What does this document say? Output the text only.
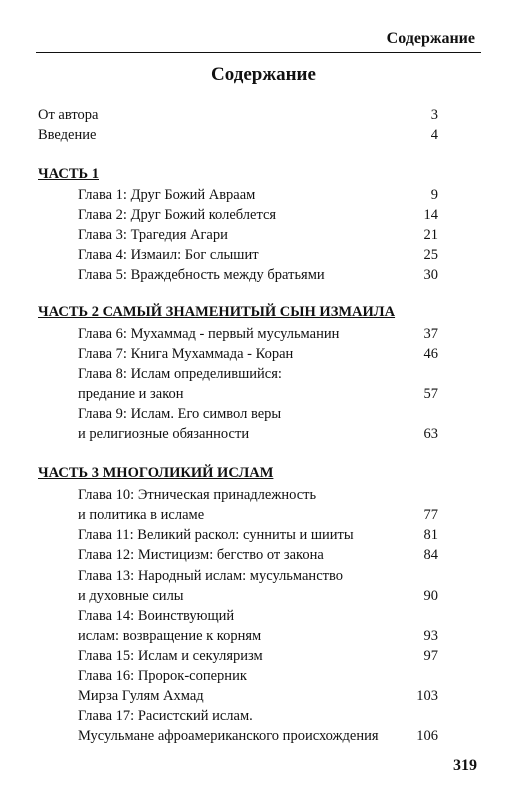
Содержание
Содержание
От автора	3
Введение	4
ЧАСТЬ 1
Глава 1: Друг Божий Авраам	9
Глава 2: Друг Божий колеблется	14
Глава 3: Трагедия Агари	21
Глава 4: Измаил: Бог слышит	25
Глава 5: Враждебность между братьями	30
ЧАСТЬ 2 САМЫЙ ЗНАМЕНИТЫЙ СЫН ИЗМАИЛА
Глава 6: Мухаммад - первый мусульманин	37
Глава 7: Книга Мухаммада - Коран	46
Глава 8: Ислам определившийся:
предание и закон	57
Глава 9: Ислам. Его символ веры
и религиозные обязанности	63
ЧАСТЬ 3 МНОГОЛИКИЙ ИСЛАМ
Глава 10: Этническая принадлежность
и политика в исламе	77
Глава 11: Великий раскол: сунниты и шииты	81
Глава 12: Мистицизм: бегство от закона	84
Глава 13: Народный ислам: мусульманство
и духовные силы	90
Глава 14: Воинствующий
ислам: возвращение к корням	93
Глава 15: Ислам и секуляризм	97
Глава 16: Пророк-соперник
Мирза Гулям Ахмад	103
Глава 17: Расистский ислам.
Мусульмане афроамериканского происхождения	106
319
